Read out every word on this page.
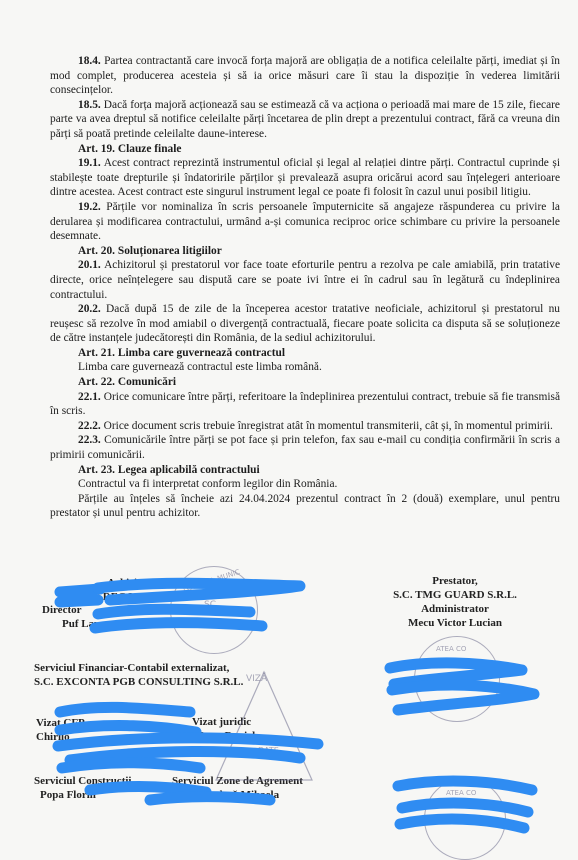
18.4. Partea contractantă care invocă forța majoră are obligația de a notifica celeilalte părți, imediat și în mod complet, producerea acesteia și să ia orice măsuri care îi stau la dispoziție în vederea limitării consecințelor.

18.5. Dacă forța majoră acționează sau se estimează că va acționa o perioadă mai mare de 15 zile, fiecare parte va avea dreptul să notifice celeilalte părți încetarea de plin drept a prezentului contract, fără ca vreuna din părți să poată pretinde celeilalte daune-interese.

Art. 19. Clauze finale

19.1. Acest contract reprezintă instrumentul oficial și legal al relației dintre părți. Contractul cuprinde și stabilește toate drepturile și îndatoririle părților și prevalează asupra oricărui acord sau înțelegeri anterioare dintre acestea. Acest contract este singurul instrument legal ce poate fi folosit în cazul unui posibil litigiu.

19.2. Părțile vor nominaliza în scris persoanele împuternicite să angajeze răspunderea cu privire la derularea și modificarea contractului, urmând a-și comunica reciproc orice schimbare cu privire la persoanele desemnate.

Art. 20. Soluționarea litigiilor

20.1. Achizitorul și prestatorul vor face toate eforturile pentru a rezolva pe cale amiabilă, prin tratative directe, orice neînțelegere sau dispută care se poate ivi între ei în cadrul sau în legătură cu îndeplinirea contractului.

20.2. Dacă după 15 de zile de la începerea acestor tratative neoficiale, achizitorul și prestatorul nu reușesc să rezolve în mod amiabil o divergență contractuală, fiecare poate solicita ca disputa să se soluționeze de către instanțele judecătorești din România, de la sediul achizitorului.

Art. 21. Limba care guvernează contractul

Limba care guvernează contractul este limba română.

Art. 22. Comunicări

22.1. Orice comunicare între părți, referitoare la îndeplinirea prezentului contract, trebuie să fie transmisă în scris.

22.2. Orice document scris trebuie înregistrat atât în momentul transmiterii, cât și, în momentul primirii.

22.3. Comunicările între părți se pot face și prin telefon, fax sau e-mail cu condiția confirmării în scris a primirii comunicării.

Art. 23. Legea aplicabilă contractului

Contractul va fi interpretat conform legilor din România.

Părțile au înțeles să încheie azi 24.04.2024 prezentul contract în 2 (două) exemplare, unul pentru prestator și unul pentru achizitor.

Achizitor,
SC RECON
Director
Puf Laur
Prestator,
S.C. TMG GUARD S.R.L.
Administrator
Mecu Victor Lucian
Serviciul Financiar-Contabil externalizat,
S.C. EXCONTA PGB CONSULTING S.R.L.
Vizat CFP
Chirilo
Vizat juridic
Popa Daniela
Serviciul Constructii
Popa Florin
Serviciul Zone de Agrement
Tudosă Mihaela
LOCAL AL MUNIC
SC
VIZĂ
DATE
ATEA CO
ATEA CO
